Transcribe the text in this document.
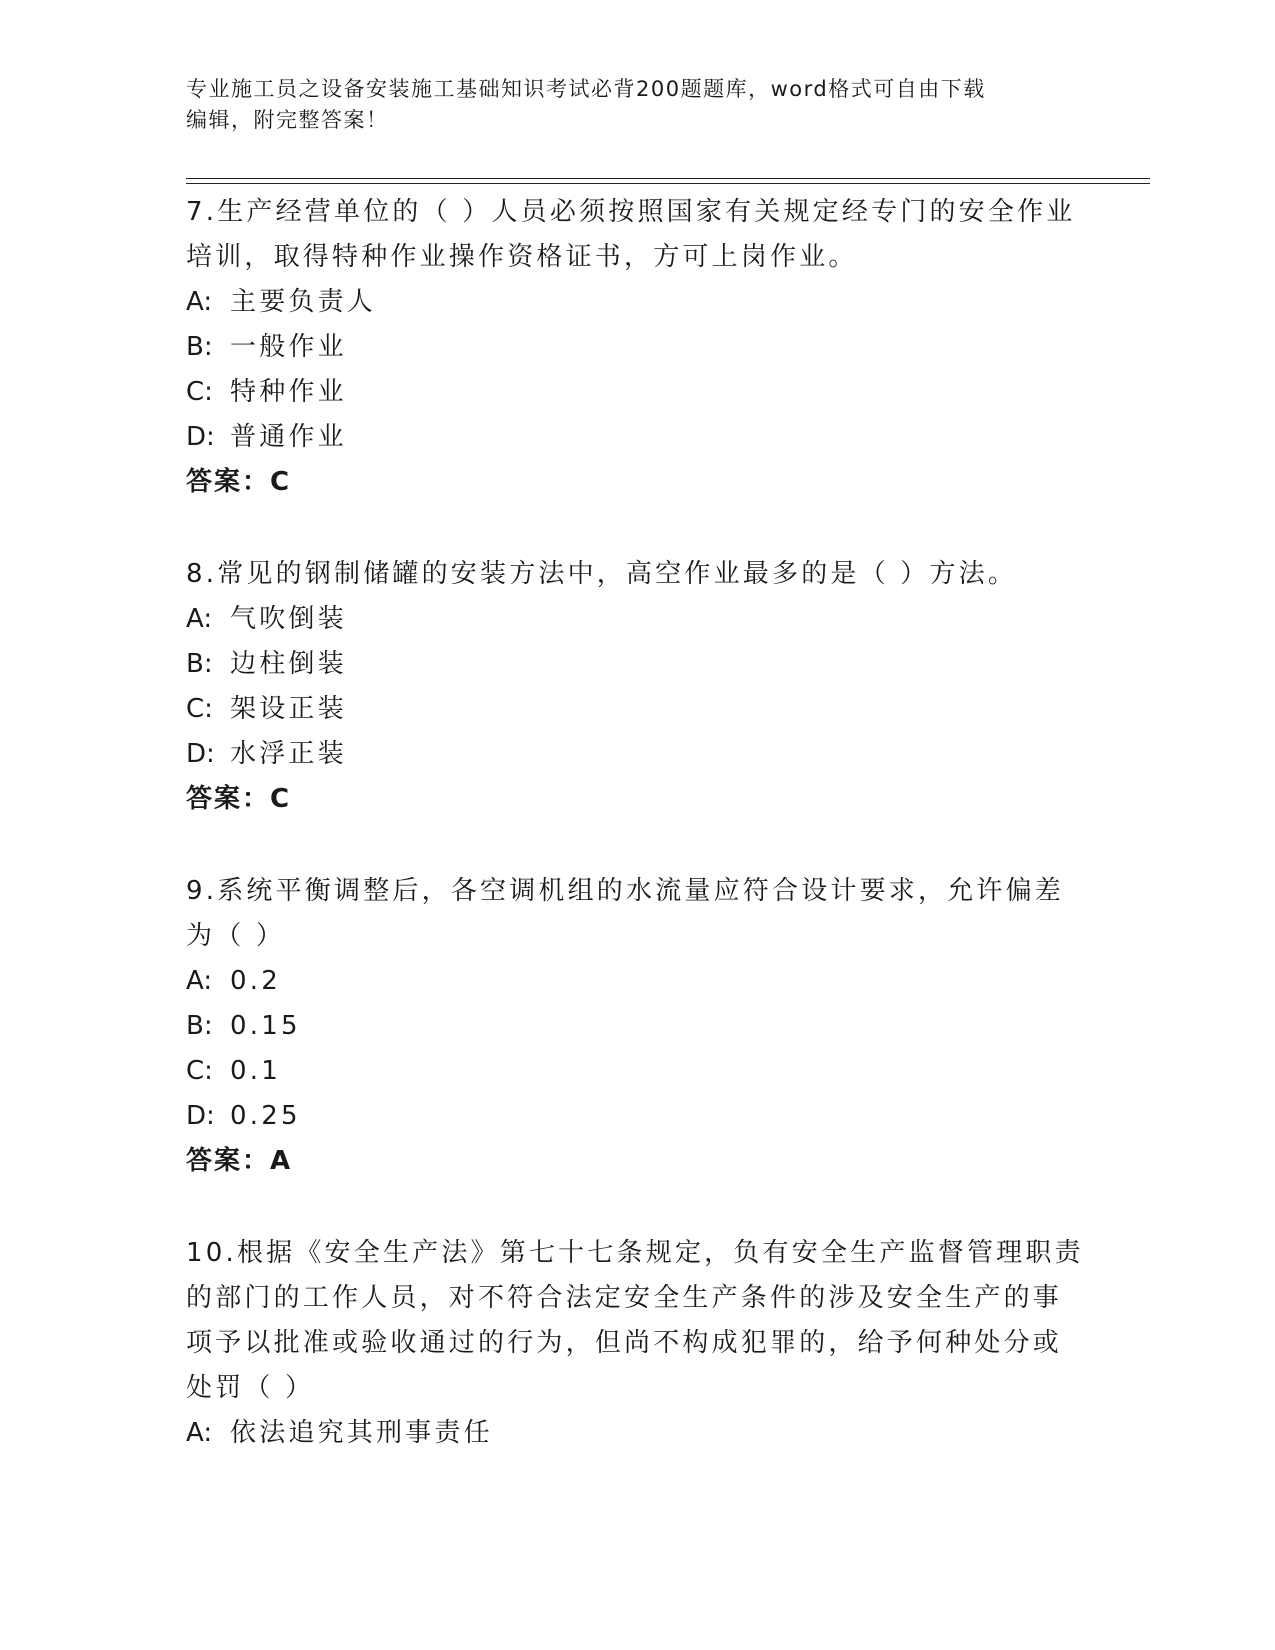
专业施工员之设备安装施工基础知识考试必背200题题库，word格式可自由下载
编辑，附完整答案！
7.生产经营单位的（ ）人员必须按照国家有关规定经专门的安全作业
培训，取得特种作业操作资格证书，方可上岗作业。
A: 主要负责人
B: 一般作业
C: 特种作业
D: 普通作业
答案：C
8.常见的钢制储罐的安装方法中，高空作业最多的是（ ）方法。
A: 气吹倒装
B: 边柱倒装
C: 架设正装
D: 水浮正装
答案：C
9.系统平衡调整后，各空调机组的水流量应符合设计要求，允许偏差
为（ ）
A: 0.2
B: 0.15
C: 0.1
D: 0.25
答案：A
10.根据《安全生产法》第七十七条规定，负有安全生产监督管理职责
的部门的工作人员，对不符合法定安全生产条件的涉及安全生产的事
项予以批准或验收通过的行为，但尚不构成犯罪的，给予何种处分或
处罚（ ）
A: 依法追究其刑事责任
